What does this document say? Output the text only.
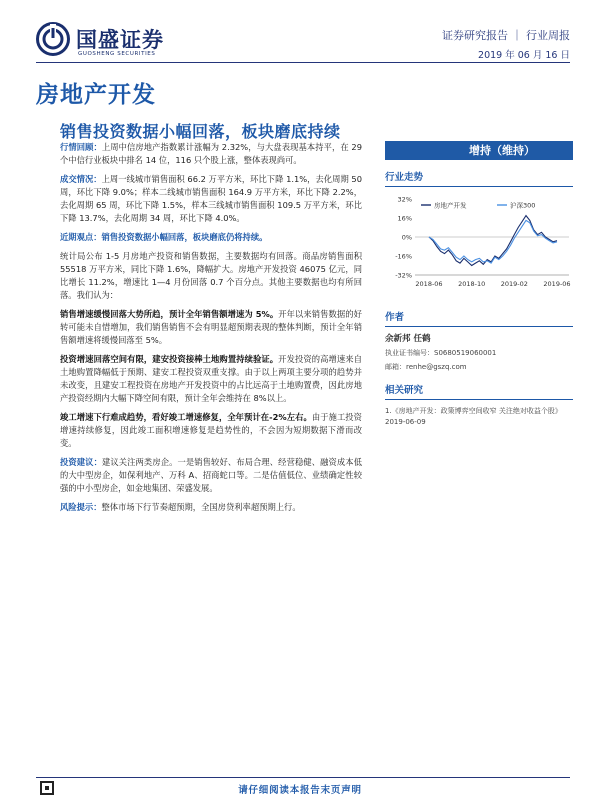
国盛证券
GUOSHENG SECURITIES
证券研究报告 ｜ 行业周报
2019 年 06 月 16 日
房地产开发
销售投资数据小幅回落，板块磨底持续
行情回顾：上周中信房地产指数累计涨幅为 2.32%，与大盘表现基本持平，在 29 个中信行业板块中排名 14 位，116 只个股上涨，整体表现尚可。
成交情况：上周一线城市销售面积 66.2 万平方米，环比下降 1.1%，去化周期 50 周，环比下降 9.0%；样本二线城市销售面积 164.9 万平方米，环比下降 2.2%，去化周期 65 周，环比下降 1.5%，样本三线城市销售面积 109.5 万平方米，环比下降 13.7%，去化周期 34 周，环比下降 4.0%。
近期观点：销售投资数据小幅回落，板块磨底仍将持续。
统计局公布 1-5 月房地产投资和销售数据，主要数据均有回落。商品房销售面积 55518 万平方米，同比下降 1.6%，降幅扩大。房地产开发投资 46075 亿元，同比增长 11.2%，增速比 1—4 月份回落 0.7 个百分点。其他主要数据也均有所回落。我们认为：
销售增速缓慢回落大势所趋，预计全年销售额增速为 5%。开年以来销售数据的好转可能未自惜增加，我们销售销售不会有明显超预期表现的整体判断，预计全年销售额增速将缓慢回落至 5%。
投资增速回落空间有限，建安投资接棒土地购置持续验证。开发投资的高增速来自土地购置降幅低于预期、建安工程投资双重支撑。由于以上两项主要分项的趋势并未改变，且建安工程投资在房地产开发投资中的占比远高于土地购置费，因此房地产投资经期内大幅下降空间有限，预计全年会维持在 8%以上。
竣工增速下行难成趋势，看好竣工增速修复，全年预计在-2%左右。由于施工投资增速持续修复，因此竣工面积增速修复是趋势性的，不会因为短期数据下滑而改变。
投资建议：建议关注两类房企。一是销售较好、布局合理、经营稳健、融资成本低的大中型房企，如保利地产、万科 A、招商蛇口等。二是估值低位、业绩确定性较强的中小型房企，如金地集团、荣盛发展。
风险提示：整体市场下行节奏超预期，全国房贷利率超预期上行。
增持（维持）
行业走势
32%
16%
0%
-16%
-32%
2018-06 2018-10 2019-02 2019-06
房地产开发	沪深300
作者
余新邦 任鹤
执业证书编号：S0680519060001
邮箱：renhe@gszq.com
相关研究
1.《房地产开发：政策博弈空间收窄 关注绝对收益个股》2019-06-09
请仔细阅读本报告末页声明
